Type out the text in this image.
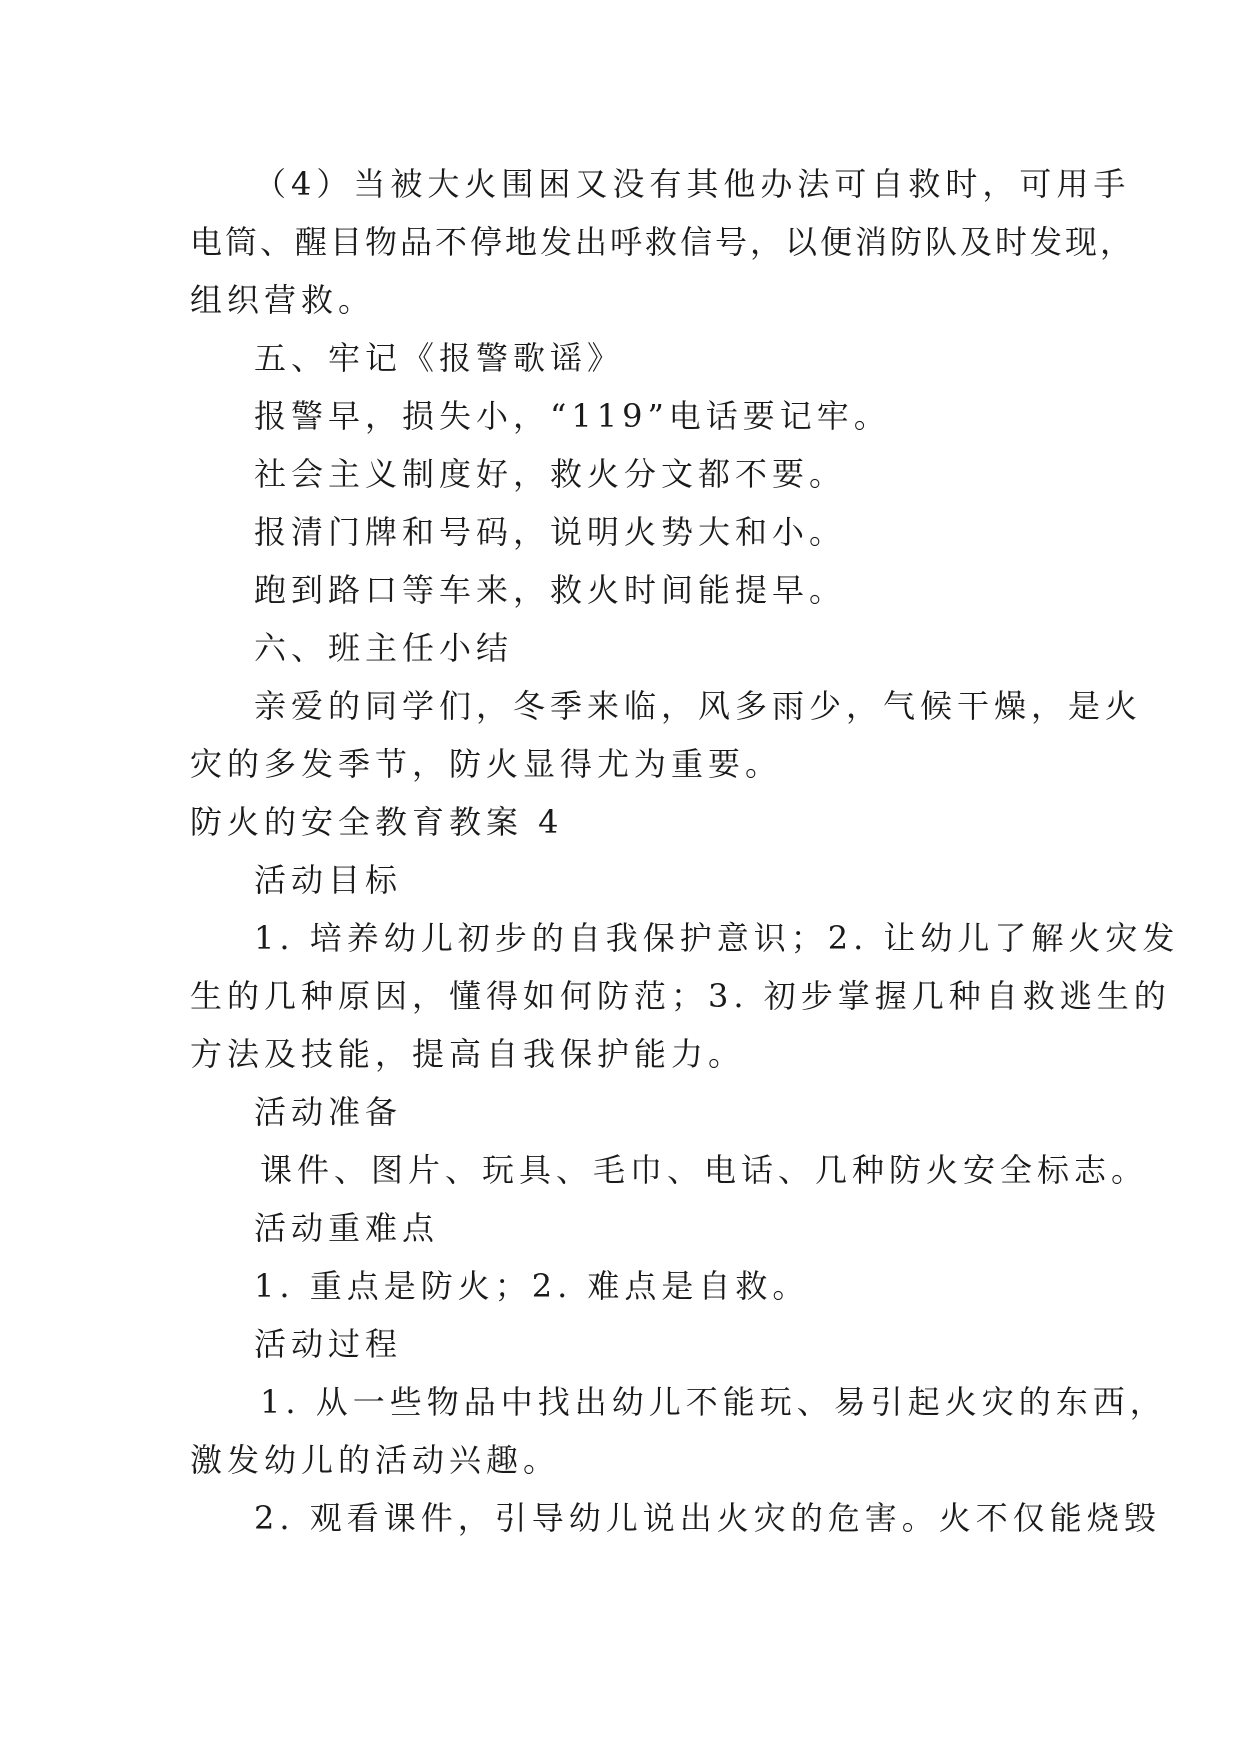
（4）当被大火围困又没有其他办法可自救时，可用手
电筒、醒目物品不停地发出呼救信号，以便消防队及时发现，
组织营救。
五、牢记《报警歌谣》
报警早，损失小，“119”电话要记牢。
社会主义制度好，救火分文都不要。
报清门牌和号码，说明火势大和小。
跑到路口等车来，救火时间能提早。
六、班主任小结
亲爱的同学们，冬季来临，风多雨少，气候干燥，是火
灾的多发季节，防火显得尤为重要。
防火的安全教育教案 4
活动目标
1. 培养幼儿初步的自我保护意识；2. 让幼儿了解火灾发
生的几种原因，懂得如何防范；3. 初步掌握几种自救逃生的
方法及技能，提高自我保护能力。
活动准备
课件、图片、玩具、毛巾、电话、几种防火安全标志。
活动重难点
1. 重点是防火；2. 难点是自救。
活动过程
1. 从一些物品中找出幼儿不能玩、易引起火灾的东西，
激发幼儿的活动兴趣。
2. 观看课件，引导幼儿说出火灾的危害。火不仅能烧毁
